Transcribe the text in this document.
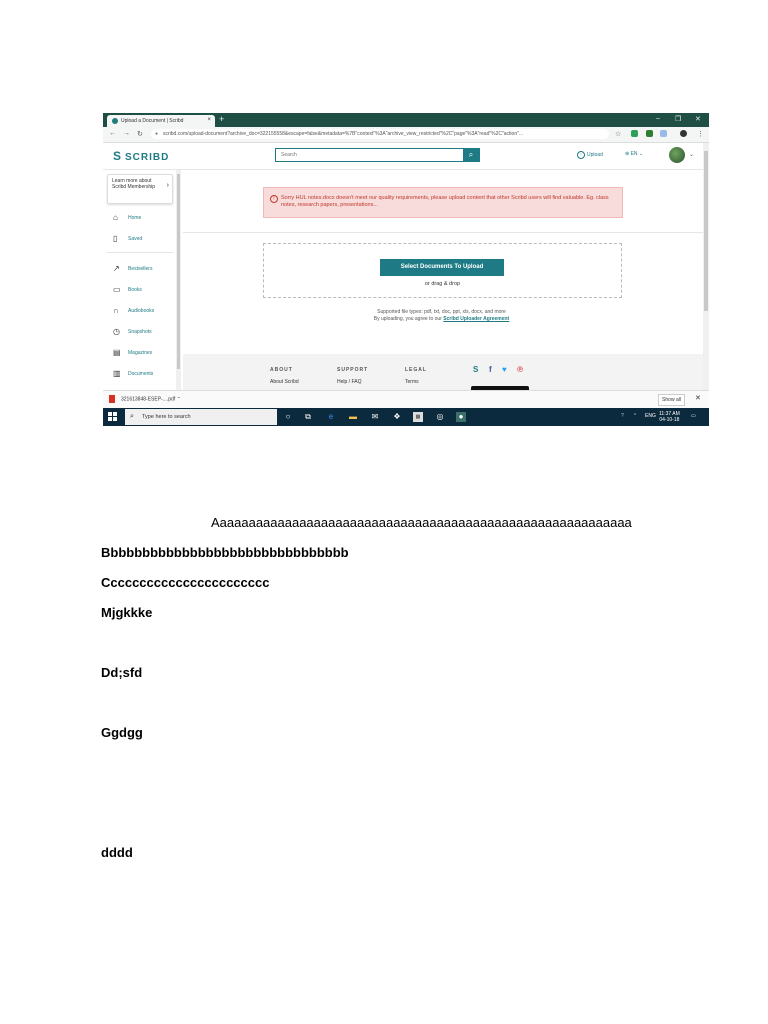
Upload a Document | Scribd	× +	– ❐ ✕
← → ↻ ● scribd.com/upload-document?archive_doc=322155558&escape=false&metadata=%7B"context"%3A"archive_view_restricted"%2C"page"%3A"read"%2C"action"...	☆	⋮
S SCRIBD
Search	⌕	↑ Upload	⊕ EN ⌄	⌄
Learn more about Scribd Membership ›
⌂ Home
▯ Saved
↗ Bestsellers
▭ Books
∩ Audiobooks
◷ Snapshots
▤ Magazines
▥ Documents
!	Sorry HUL notes.docx doesn't meet our quality requirements, please upload content that other Scribd users will find valuable. Eg. class notes, research papers, presentations...
Select Documents To Upload
or drag & drop
Supported file types: pdf, txt, doc, ppt, xls, docx, and more
By uploading, you agree to our Scribd Uploader Agreement
ABOUT
About Scribd
SUPPORT
Help / FAQ
LEGAL
Terms
S f ♥ ℗
321613848-ESEP-....pdf ⌃	Show all	✕
⌕ Type here to search	○	⧉	e	▬ ✉ ❖	▦	◎	●	? ⌃ ENG 11:37 AM
04-10-18
▭
Aaaaaaaaaaaaaaaaaaaaaaaaaaaaaaaaaaaaaaaaaaaaaaaaaaaaaaaaaa
Bbbbbbbbbbbbbbbbbbbbbbbbbbbbbbb
Ccccccccccccccccccccccc
Mjgkkke
Dd;sfd
Ggdgg
dddd
